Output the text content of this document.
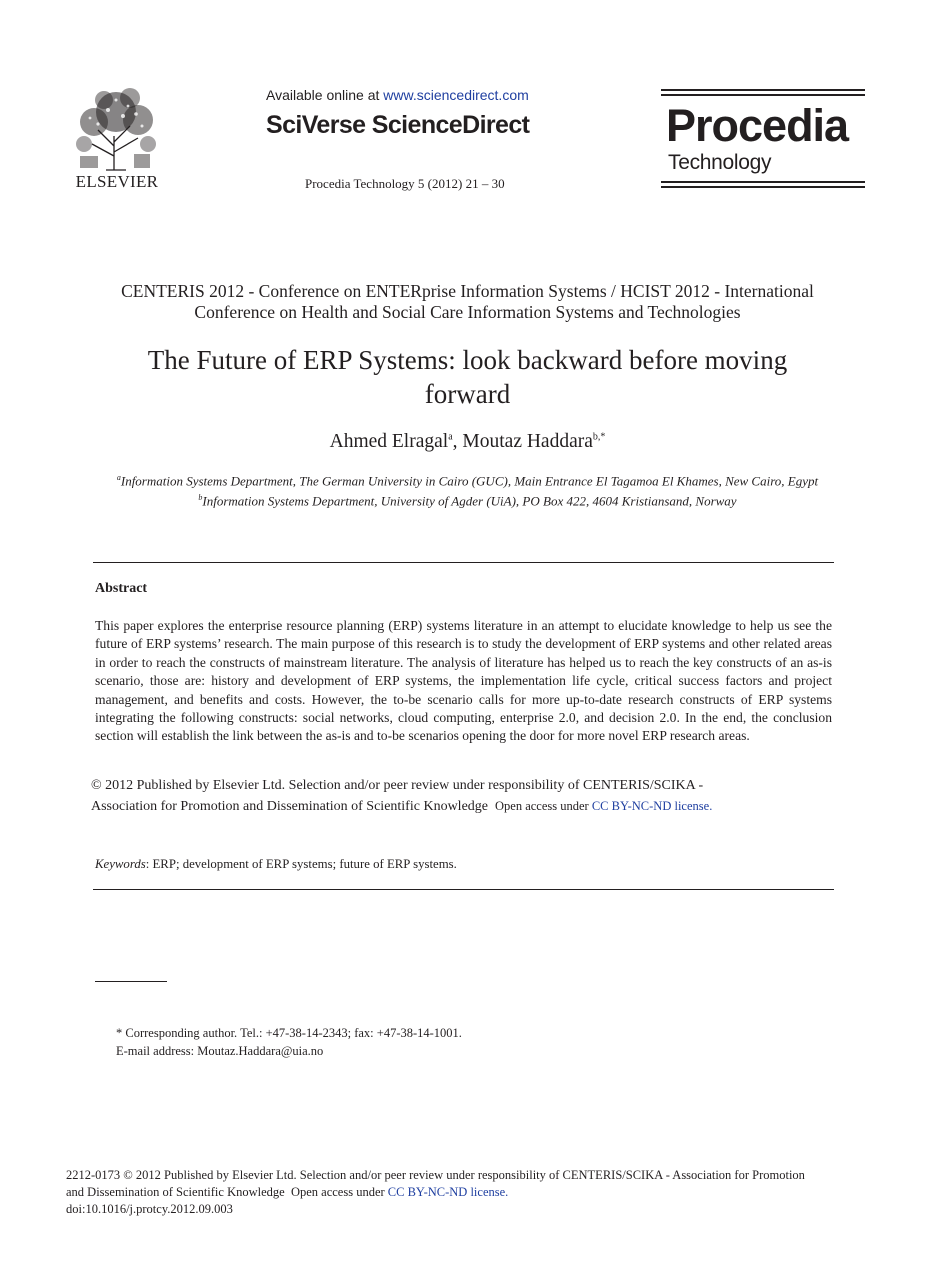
ELSEVIER
Available online at www.sciencedirect.com
SciVerse ScienceDirect
Procedia Technology 5 (2012) 21 – 30
Procedia
Technology
CENTERIS 2012 - Conference on ENTERprise Information Systems / HCIST 2012 - International
Conference on Health and Social Care Information Systems and Technologies
The Future of ERP Systems: look backward before moving
forward
Ahmed Elragal$^a$, Moutaz Haddara$^{b,*}$
$^a$Information Systems Department, The German University in Cairo (GUC), Main Entrance El Tagamoa El Khames, New Cairo, Egypt
$^b$Information Systems Department, University of Agder (UiA), PO Box 422, 4604 Kristiansand, Norway
Abstract
This paper explores the enterprise resource planning (ERP) systems literature in an attempt to elucidate knowledge to help us see the future of ERP systems’ research. The main purpose of this research is to study the development of ERP systems and other related areas in order to reach the constructs of mainstream literature. The analysis of literature has helped us to reach the key constructs of an as-is scenario, those are: history and development of ERP systems, the implementation life cycle, critical success factors and project management, and benefits and costs. However, the to-be scenario calls for more up-to-date research constructs of ERP systems integrating the following constructs: social networks, cloud computing, enterprise 2.0, and decision 2.0. In the end, the conclusion section will establish the link between the as-is and to-be scenarios opening the door for more novel ERP research areas.
© 2012 Published by Elsevier Ltd. Selection and/or peer review under responsibility of CENTERIS/SCIKA -
Association for Promotion and Dissemination of Scientific Knowledge Open access under CC BY-NC-ND license.
Keywords: ERP; development of ERP systems; future of ERP systems.
* Corresponding author. Tel.: +47-38-14-2343; fax: +47-38-14-1001.
E-mail address: Moutaz.Haddara@uia.no
2212-0173 © 2012 Published by Elsevier Ltd. Selection and/or peer review under responsibility of CENTERIS/SCIKA - Association for Promotion
and Dissemination of Scientific Knowledge Open access under CC BY-NC-ND license.
doi:10.1016/j.protcy.2012.09.003
